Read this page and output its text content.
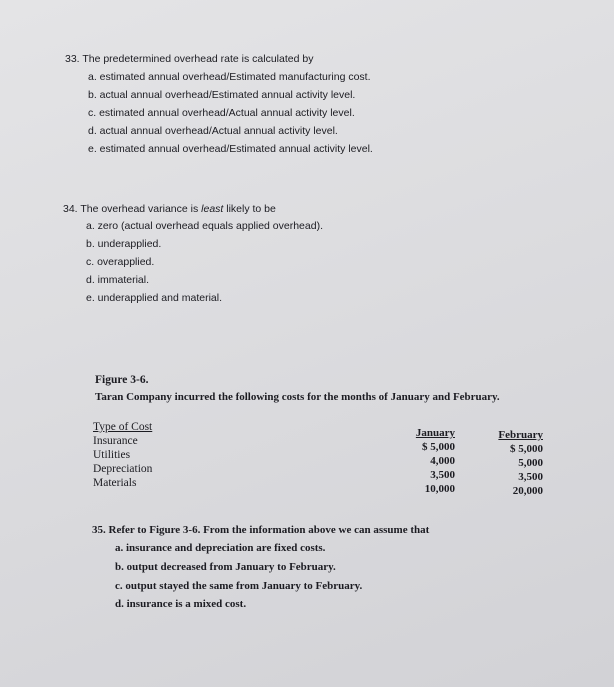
33. The predetermined overhead rate is calculated by
a. estimated annual overhead/Estimated manufacturing cost.
b. actual annual overhead/Estimated annual activity level.
c. estimated annual overhead/Actual annual activity level.
d. actual annual overhead/Actual annual activity level.
e. estimated annual overhead/Estimated annual activity level.
34. The overhead variance is least likely to be
a. zero (actual overhead equals applied overhead).
b. underapplied.
c. overapplied.
d. immaterial.
e. underapplied and material.
Figure 3-6.
Taran Company incurred the following costs for the months of January and February.
Type of Cost
Insurance
Utilities
Depreciation
Materials
January
$ 5,000
4,000
3,500
10,000
February
$ 5,000
5,000
3,500
20,000
35. Refer to Figure 3-6. From the information above we can assume that
a. insurance and depreciation are fixed costs.
b. output decreased from January to February.
c. output stayed the same from January to February.
d. insurance is a mixed cost.
